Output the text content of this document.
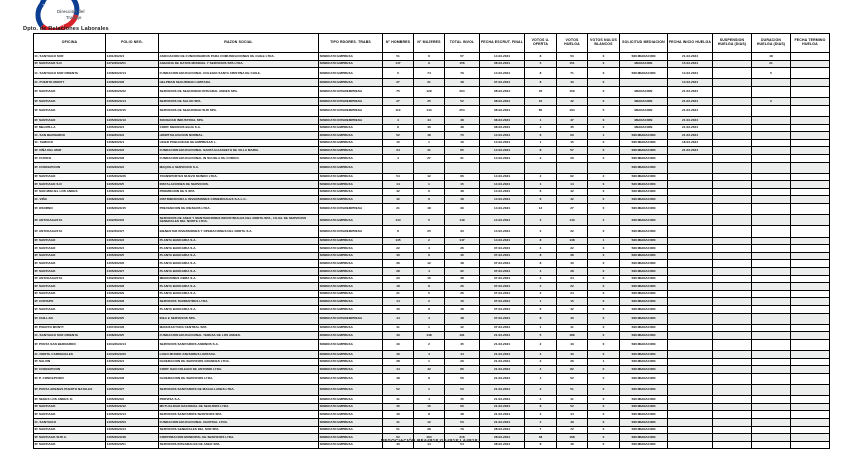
Dirección del
Trabajo
Dpto. de Relaciones Laborales
OFICINA	FOLIO NEG.	RAZON SOCIAL	TIPO RDORES. TRABS	N° HOMBRES	N° MUJERES	TOTAL INVOL	FECHA ESCRUT. FINAL	VOTOS U. OFERTA	VOTOS HUELGA	VOTOS NULOS BLANCOS	SOLICITUD MEDIACION	FECHA INICIO HUELGA	SUSPENSION HUELGA (DIAS)	DURACION HUELGA (DIAS)	FECHA TERMINO HUELGA
IC. SANTIAGO SUR	1401/2024/4	ASOCIACION DE FUNCIONARIOS PARA COMUNICACIONES DE CHILE LTDA.	SINDICATO EMPRESA	51	6	57	14-03-2024	8	53	0	SIN MEDIACION	21-03-2024		18	
IP. SANTIAGO S.N	1372/2024/51	AGENCIA DE DATOS MUNDIAL Y SERVICIOS SPA LTDA.	SINDICATO EMPRESA	147	9	156	08-03-2024	5	151	0	MEDIACION	15-03-2024		21	
IC. SANTIAGO SUR ORIENTE	1408/2024/14	FUNDACION EDUCACIONAL COLEGIO SANTA CRISTINA DE CHILE.	SINDICATO EMPRESA	5	74	79	14-03-2024	8	71	0	SIN MEDIACION	14-03-2024		5	
IC. PUERTO MONTT	1408/2024/8	HELPMAN SEGURIDAD LIMITADA.	SINDICATO EMPRESA	27	21	48	07-03-2024	8	40	0		14-03-2024			
IP. SANTIAGO	1405/2024/22	SERVICIOS DE SEGURIDAD INTEGRAL ANDES SPA.	SINDICATO INTEREMPRESA	75	129	204	08-03-2024	45	159	0	MEDIACION	21-03-2024			
IP. SANTIAGO	1405/2024/14	SERVICIOS DE SALUD SPA.	SINDICATO INTEREMPRESA	27	25	52	08-03-2024	10	42	0	MEDIACION	21-03-2024		2	
IP. SANTIAGO	1405/2024/15	SERVICIOS DE SEGURIDAD SUR SPA.	SINDICATO INTEREMPRESA	110	144	254	08-03-2024	85	164	5	MEDIACION	21-03-2024			
IP. SANTIAGO	1405/2024/13	SOCIEDAD INDUSTRIAL SPA.	SINDICATO INTEREMPRESA	4	44	48	08-03-2024	1	47	0	MEDIACION	21-03-2024			
IP. MELIPILLA	1405/2024/4	CORP. MEDICOS BAJA S.A.	SINDICATO EMPRESA	8	40	48	08-03-2024	2	45	0	MEDIACION	21-03-2024			
IC. SAN BERNARDO	1409/2024/3	HOSPITALIZACION NORMAL.	SINDICATO EMPRESA	52	18	70	14-03-2024	6	63	1	SIN MEDIACION	21-03-2024			
IC. TEMUCO	1408/2024/1	LIDER PUBLICIDAD DE EMPRESAS L.	SINDICATO EMPRESA	15	1	16	14-03-2024	1	15	0	SIN MEDIACION	18-03-2024			
IP. VIÑA DEL MAR	1405/2024/3	FUNDACION EDUCACIONAL SANTA ELIZABETH DE VILLA MARIA.	SINDICATO EMPRESA	24	41	65	14-03-2024	8	57	0	SIN MEDIACION	21-03-2024			
IP. CURICO	1403/2024/8	FUNDACION EDUCACIONAL IN SCUOLA DE CURICO.	SINDICATO EMPRESA	4	27	31	14-03-2024	2	29	0	SIN MEDIACION				
IP. CONCEPCION	1403/2024/2	MAQUILA SERVICIOS S.A.	SINDICATO EMPRESA								SIN MEDIACION				
IP. SANTIAGO	1405/2024/26	TRANSPORTES NUEVO MUNDO LTDA.	SINDICATO EMPRESA	54	12	66	14-03-2024	2	62	2	SIN MEDIACION				
IP. SANTIAGO S.N	1405/2024/5	INSTALACIONES DE SERVICIOS.	SINDICATO EMPRESA	14	1	15	14-03-2024	1	14	0	SIN MEDIACION				
IP. SAN MIGUEL LOS ANDES	1406/2024/4	PROMOCION DE S SPA.	SINDICATO EMPRESA	42	6	48	14-03-2024	6	42	0	SIN MEDIACION				
IC. VIÑA	1406/2024/9	DISTRIBUIDORA E INVERSIONES COMERCIALES S.A.L.C..	SINDICATO EMPRESA	42	6	48	14-03-2024	6	42	0	SIN MEDIACION				
IP. OSORNO	1406/2024/15	PREVENCION DE RIESGOS LTDA.	SINDICATO INTEREMPRESA	21	18	39	14-03-2024	12	27	0	SIN MEDIACION				
IP. ANTOFAGASTA	1402/2024/3	SERVICIOS DE ASEO Y MANTENCIONES INDUSTRIALES DEL NORTE SPA., FILIAL DE SERVICIOS GENERALES DEL NORTE LTDA.	SINDICATO EMPRESA	144	5	149	14-03-2024	2	143	4	SIN MEDIACION				
IP. ANTOFAGASTA	1402/2024/7	BIENESTAR INVERSIONES Y OPERACIONES DEL NORTE S.A.	SINDICATO INTEREMPRESA	8	25	33	14-03-2024	2	32	0	SIN MEDIACION				
IP. SANTIAGO	1405/2024/3	PLANTA BANCARIA S.A.	SINDICATO EMPRESA	145	2	147	14-03-2024	8	138	1	SIN MEDIACION				
IP. SANTIAGO	1405/2024/4	PLANTA BANCARIA S.A.	SINDICATO EMPRESA	22	4	26	07-03-2024	4	22	0	SIN MEDIACION				
IP. SANTIAGO	1405/2024/5	PLANTA BANCARIA S.A.	SINDICATO EMPRESA	40	6	46	07-03-2024	8	38	0	SIN MEDIACION				
IP. SANTIAGO	1405/2024/6	PLANTA BANCARIA S.A.	SINDICATO EMPRESA	36	12	48	07-03-2024	8	40	0	SIN MEDIACION				
IP. SANTIAGO	1405/2024/7	PLANTA BANCARIA S.A.	SINDICATO EMPRESA	28	4	32	07-03-2024	4	28	0	SIN MEDIACION				
IP. ANTOFAGASTA	1402/2024/4	MEDICIONES OBRA S.A.	SINDICATO EMPRESA	23	15	38	07-03-2024	4	34	0	SIN MEDIACION				
IP. SANTIAGO	1405/2024/8	PLANTA BANCARIA S.A.	SINDICATO EMPRESA	18	8	26	07-03-2024	4	22	0	SIN MEDIACION				
IP. SANTIAGO	1405/2024/9	PLANTA BANCARIA S.A.	SINDICATO EMPRESA	21	5	26	07-03-2024	2	24	0	SIN MEDIACION				
IP. COPIAPO	1403/2024/8	SERVICIOS TERRESTRES LTDA.	SINDICATO EMPRESA	14	2	16	07-03-2024	1	15	0	SIN MEDIACION				
IP. SANTIAGO	1405/2024/2	PLANTA BANCARIA S.A.	SINDICATO EMPRESA	40	8	48	07-03-2024	6	42	0	SIN MEDIACION				
IP. CHILLAN	1403/2024/5	IDEA E SERVICIOS SPA.	SINDICATO INTEREMPRESA	44	4	48	07-03-2024	8	40	0	SIN MEDIACION				
IP. PUERTO MONTT	1407/2024/8	MANUFACTURA CENTRAL SPA.	SINDICATO EMPRESA	41	1	42	07-03-2024	1	41	0	SIN MEDIACION				
IC. SANTIAGO SUR ORIENTE	1408/2024/5	FUNDACION EDUCACIONAL TERESA DE LOS ANDES.	SINDICATO EMPRESA	43	148	191	21-03-2024	5	186	0	SIN MEDIACION				
IP. PUNTA SAN BERNARDO	1404/2024/14	SERVICIOS SANITARIOS ANDINOS S.A.	SINDICATO EMPRESA	43	2	45	21-03-2024	2	43	0	SIN MEDIACION				
IC. NORTE CARDENALES	1404/2024/20	LOGO MUNDO ASESORES LIMITADA.	SINDICATO EMPRESA	40	4	44	21-03-2024	4	40	0	SIN MEDIACION				
IP. SALVIN	1405/2024/4	FEDERACION DE SERVICIOS GRANDES LTDA.	SINDICATO EMPRESA	28	1	29	21-03-2024	2	26	1	SIN MEDIACION				
IP. CONCEPCION	1403/2024/2	CORP. SAN COLEGIO DE ANTONIO LTDA.	SINDICATO EMPRESA	44	42	86	21-03-2024	4	82	0	SIN MEDIACION				
IP. P. CONCEPCION	1403/2024/8	FEDERACION DE SERVICIOS LTDA.	SINDICATO EMPRESA	48	8	56	21-03-2024	4	52	0	SIN MEDIACION				
IP. PUNTA ARENAS PUERTO NATALES	1405/2024/7	SERVICIOS SANITARIOS DE MAGALLANES LTDA.	SINDICATO EMPRESA	52	1	53	21-03-2024	2	51	0	SIN MEDIACION				
IP. SEDES LOS ANDES 11	1405/2024/2	PROVISA S.A.	SINDICATO EMPRESA	41	4	45	21-03-2024	4	41	0	SIN MEDIACION				
IP. SANTIAGO	1405/2024/12	MUTUALIDAD NACIONAL DE SEGUROS LTDA.	SINDICATO EMPRESA	45	15	60	21-03-2024	8	52	0	SIN MEDIACION				
IP. SANTIAGO	1405/2024/14	SERVICIOS SANITARIOS SERVICIOS SPA.	SINDICATO EMPRESA	40	8	48	21-03-2024	4	44	0	SIN MEDIACION				
IC. SANTIAGO	1405/2024/53	FUNDACION EDUCACIONAL CENTRAL LTDA.	SINDICATO EMPRESA	41	12	53	21-03-2024	4	49	0	SIN MEDIACION				
IP. SANTIAGO	1405/2024/44	SERVICIOS GENERALES DEL SUR SPA.	SINDICATO EMPRESA	51	28	79	28-03-2024	7	72	0	SIN MEDIACION				
IP. SANTIAGO SUR A.	1405/2024/48	CORPORACION MUNICIPAL DE SERVICIOS LTDA.	SINDICATO EMPRESA	52	164	216	28-03-2024	48	168	0	SIN MEDIACION				
IP. SANTIAGO	1405/2024/51	SERVICIOS INTEGRALES DE ASEO SPA.	SINDICATO EMPRESA	40	14	54	28-03-2024	8	46	0	SIN MEDIACION				
NEGOCIACIÓN RE&#818;G&#818;L&#818;
